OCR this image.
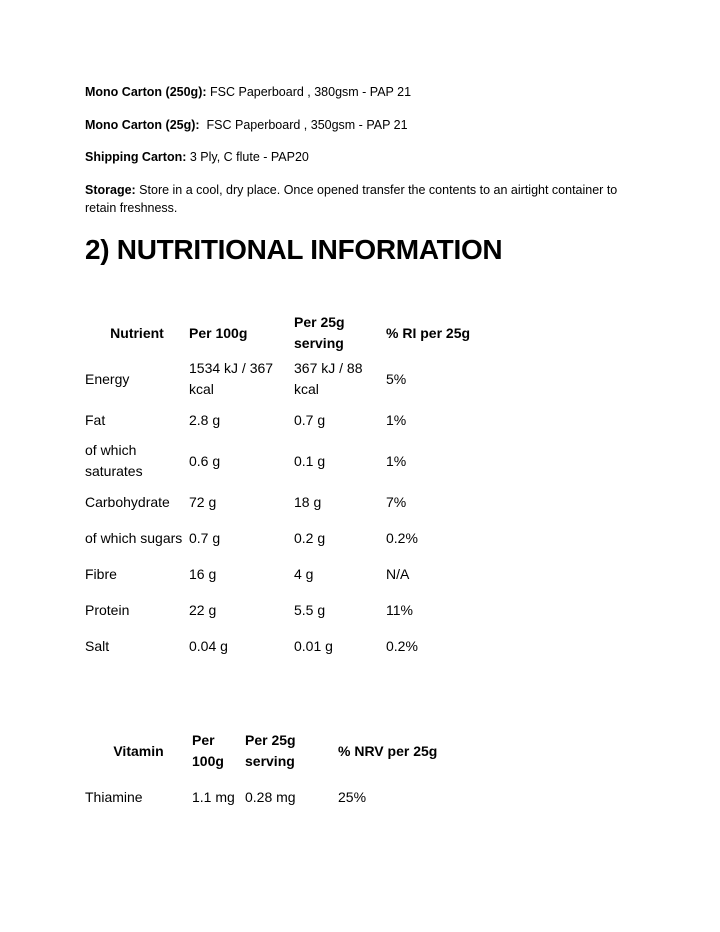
Mono Carton (250g): FSC Paperboard , 380gsm - PAP 21
Mono Carton (25g):  FSC Paperboard , 350gsm - PAP 21
Shipping Carton: 3 Ply, C flute - PAP20
Storage: Store in a cool, dry place. Once opened transfer the contents to an airtight container to retain freshness.
2) NUTRITIONAL INFORMATION
Nutrient	Per 100g	Per 25g serving	% RI per 25g
Energy	1534 kJ / 367 kcal	367 kJ / 88 kcal	5%
Fat	2.8 g	0.7 g	1%
of which saturates	0.6 g	0.1 g	1%
Carbohydrate	72 g	18 g	7%
of which sugars	0.7 g	0.2 g	0.2%
Fibre	16 g	4 g	N/A
Protein	22 g	5.5 g	11%
Salt	0.04 g	0.01 g	0.2%
Vitamin	Per 100g	Per 25g serving	% NRV per 25g
Thiamine	1.1 mg	0.28 mg	25%
